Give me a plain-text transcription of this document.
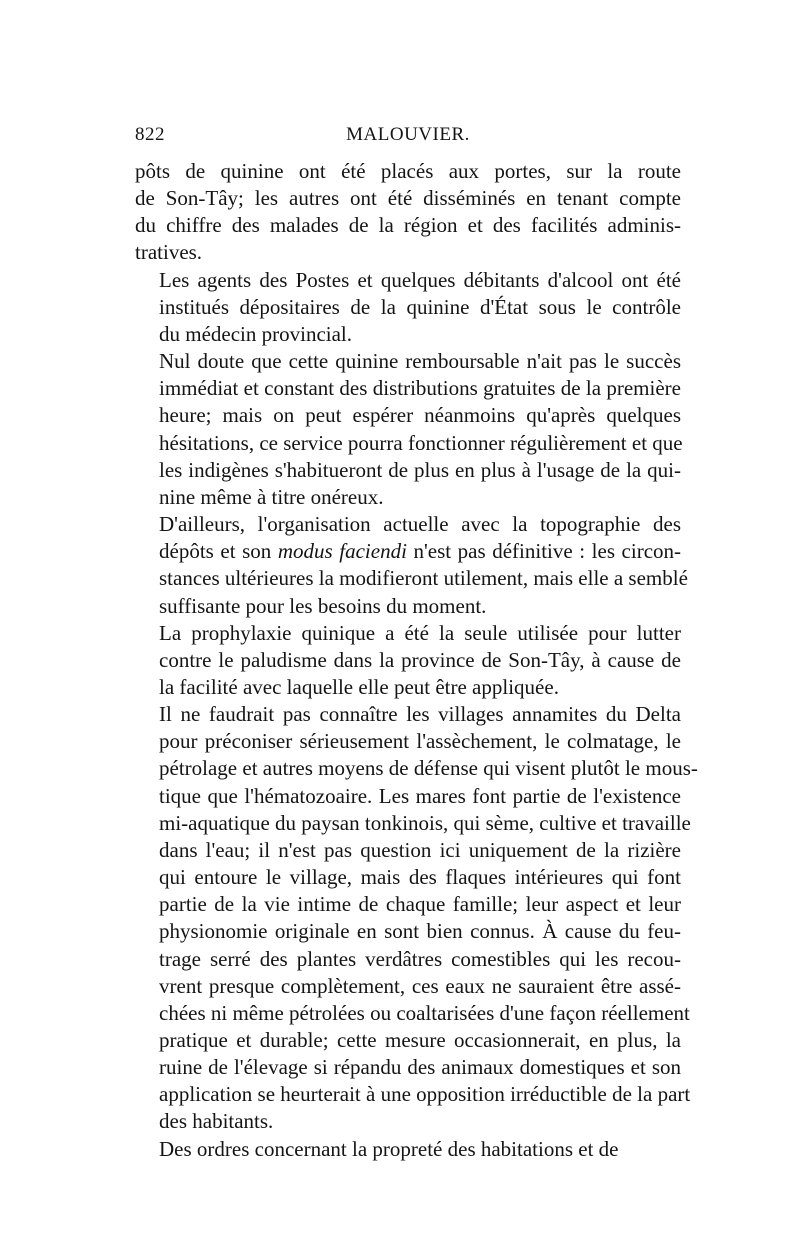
822	MALOUVIER.

pôts de quinine ont été placés aux portes, sur la route
de Son-Tây; les autres ont été disséminés en tenant compte
du chiffre des malades de la région et des facilités adminis-
tratives.

Les agents des Postes et quelques débitants d'alcool ont été
institués dépositaires de la quinine d'État sous le contrôle
du médecin provincial.

Nul doute que cette quinine remboursable n'ait pas le succès
immédiat et constant des distributions gratuites de la première
heure; mais on peut espérer néanmoins qu'après quelques
hésitations, ce service pourra fonctionner régulièrement et que
les indigènes s'habitueront de plus en plus à l'usage de la qui-
nine même à titre onéreux.

D'ailleurs, l'organisation actuelle avec la topographie des
dépôts et son modus faciendi n'est pas définitive : les circon-
stances ultérieures la modifieront utilement, mais elle a semblé
suffisante pour les besoins du moment.

La prophylaxie quinique a été la seule utilisée pour lutter
contre le paludisme dans la province de Son-Tây, à cause de
la facilité avec laquelle elle peut être appliquée.

Il ne faudrait pas connaître les villages annamites du Delta
pour préconiser sérieusement l'assèchement, le colmatage, le
pétrolage et autres moyens de défense qui visent plutôt le mous-
tique que l'hématozoaire. Les mares font partie de l'existence
mi-aquatique du paysan tonkinois, qui sème, cultive et travaille
dans l'eau; il n'est pas question ici uniquement de la rizière
qui entoure le village, mais des flaques intérieures qui font
partie de la vie intime de chaque famille; leur aspect et leur
physionomie originale en sont bien connus. À cause du feu-
trage serré des plantes verdâtres comestibles qui les recou-
vrent presque complètement, ces eaux ne sauraient être assé-
chées ni même pétrolées ou coaltarisées d'une façon réellement
pratique et durable; cette mesure occasionnerait, en plus, la
ruine de l'élevage si répandu des animaux domestiques et son
application se heurterait à une opposition irréductible de la part
des habitants.

Des ordres concernant la propreté des habitations et de
